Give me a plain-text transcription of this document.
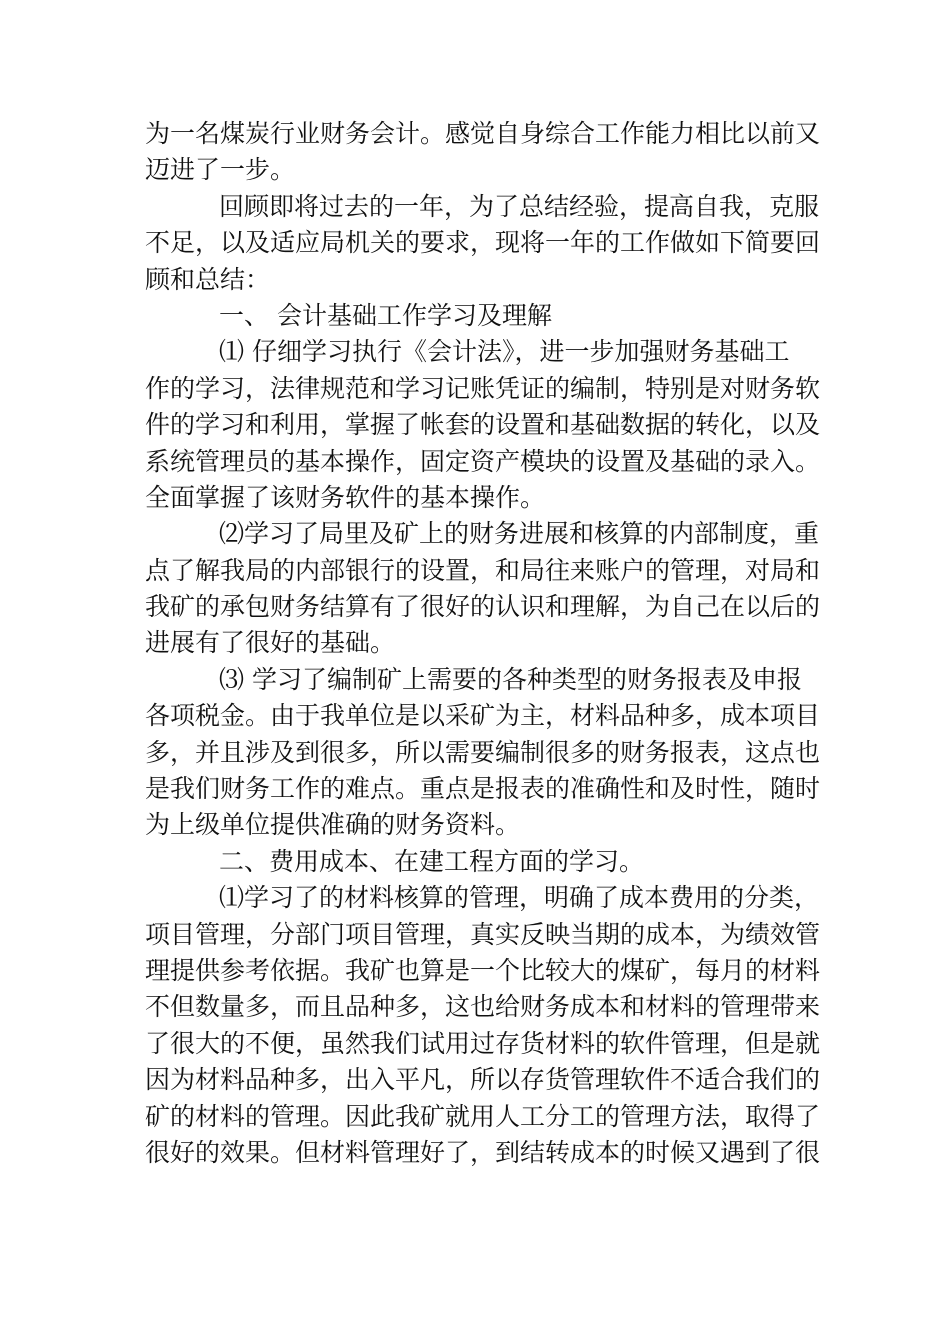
为一名煤炭行业财务会计。感觉自身综合工作能力相比以前又
迈进了一步。
回顾即将过去的一年，为了总结经验，提高自我，克服
不足，以及适应局机关的要求，现将一年的工作做如下简要回
顾和总结：
一、 会计基础工作学习及理解
⑴ 仔细学习执行《会计法》，进一步加强财务基础工
作的学习，法律规范和学习记账凭证的编制，特别是对财务软
件的学习和利用，掌握了帐套的设置和基础数据的转化，以及
系统管理员的基本操作，固定资产模块的设置及基础的录入。
全面掌握了该财务软件的基本操作。
⑵学习了局里及矿上的财务进展和核算的内部制度，重
点了解我局的内部银行的设置，和局往来账户的管理，对局和
我矿的承包财务结算有了很好的认识和理解，为自己在以后的
进展有了很好的基础。
⑶ 学习了编制矿上需要的各种类型的财务报表及申报
各项税金。由于我单位是以采矿为主，材料品种多，成本项目
多，并且涉及到很多，所以需要编制很多的财务报表，这点也
是我们财务工作的难点。重点是报表的准确性和及时性，随时
为上级单位提供准确的财务资料。
二、费用成本、在建工程方面的学习。
⑴学习了的材料核算的管理，明确了成本费用的分类，
项目管理，分部门项目管理，真实反映当期的成本，为绩效管
理提供参考依据。我矿也算是一个比较大的煤矿，每月的材料
不但数量多，而且品种多，这也给财务成本和材料的管理带来
了很大的不便，虽然我们试用过存货材料的软件管理，但是就
因为材料品种多，出入平凡，所以存货管理软件不适合我们的
矿的材料的管理。因此我矿就用人工分工的管理方法，取得了
很好的效果。但材料管理好了，到结转成本的时候又遇到了很
